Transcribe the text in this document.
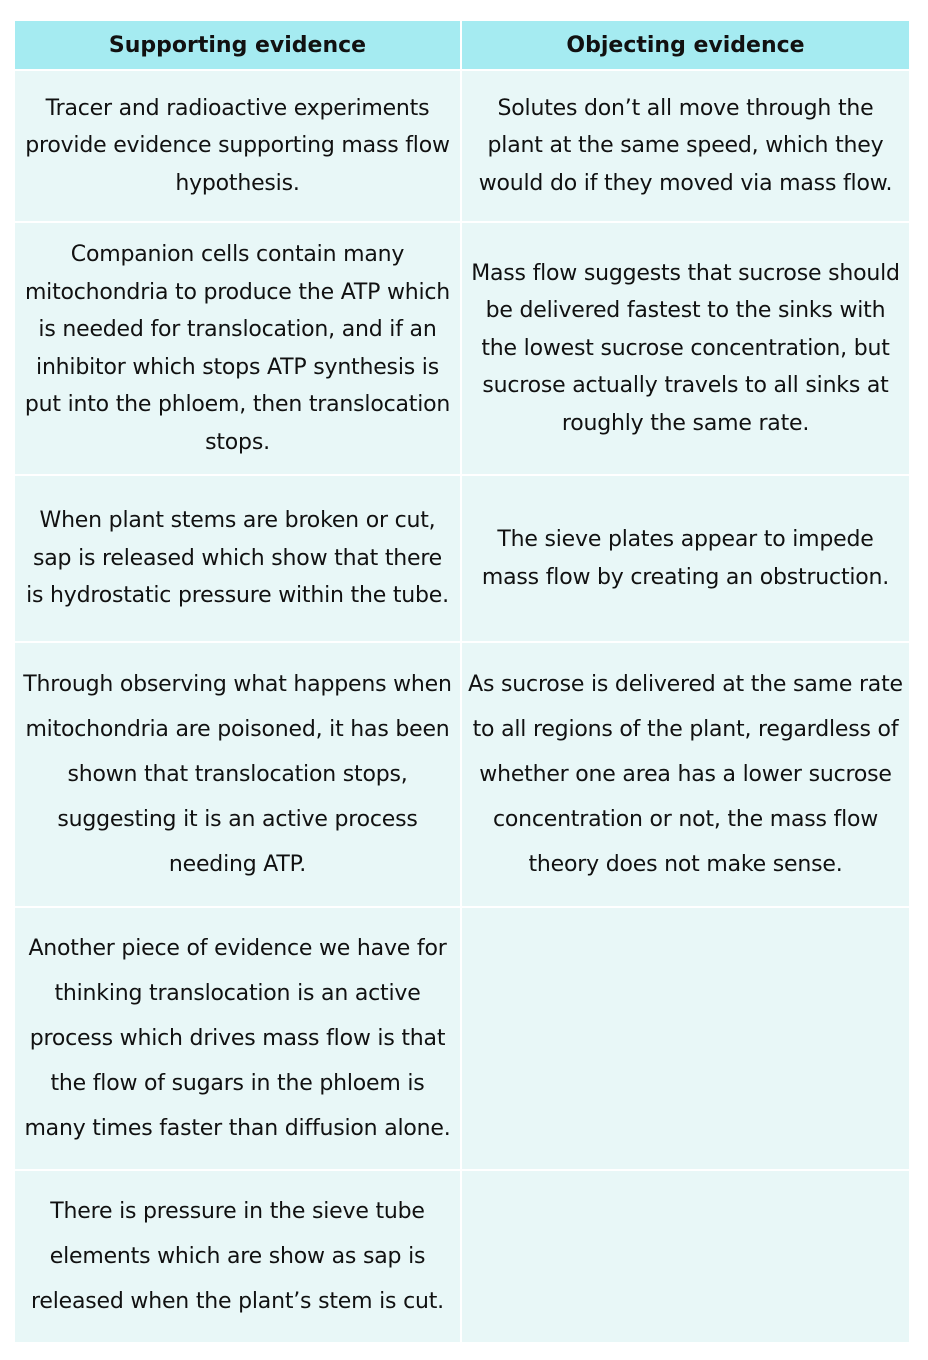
Supporting evidence	Objecting evidence
Tracer and radioactive experiments provide evidence supporting mass flow hypothesis.	Solutes don’t all move through the plant at the same speed, which they would do if they moved via mass flow.
Companion cells contain many mitochondria to produce the ATP which is needed for translocation, and if an inhibitor which stops ATP synthesis is put into the phloem, then translocation stops.	Mass flow suggests that sucrose should be delivered fastest to the sinks with the lowest sucrose concentration, but sucrose actually travels to all sinks at roughly the same rate.
When plant stems are broken or cut, sap is released which show that there is hydrostatic pressure within the tube.	The sieve plates appear to impede mass flow by creating an obstruction.
Through observing what happens when mitochondria are poisoned, it has been shown that translocation stops, suggesting it is an active process needing ATP.	As sucrose is delivered at the same rate to all regions of the plant, regardless of whether one area has a lower sucrose concentration or not, the mass flow theory does not make sense.
Another piece of evidence we have for thinking translocation is an active process which drives mass flow is that the flow of sugars in the phloem is many times faster than diffusion alone.	
There is pressure in the sieve tube elements which are show as sap is released when the plant’s stem is cut.	
